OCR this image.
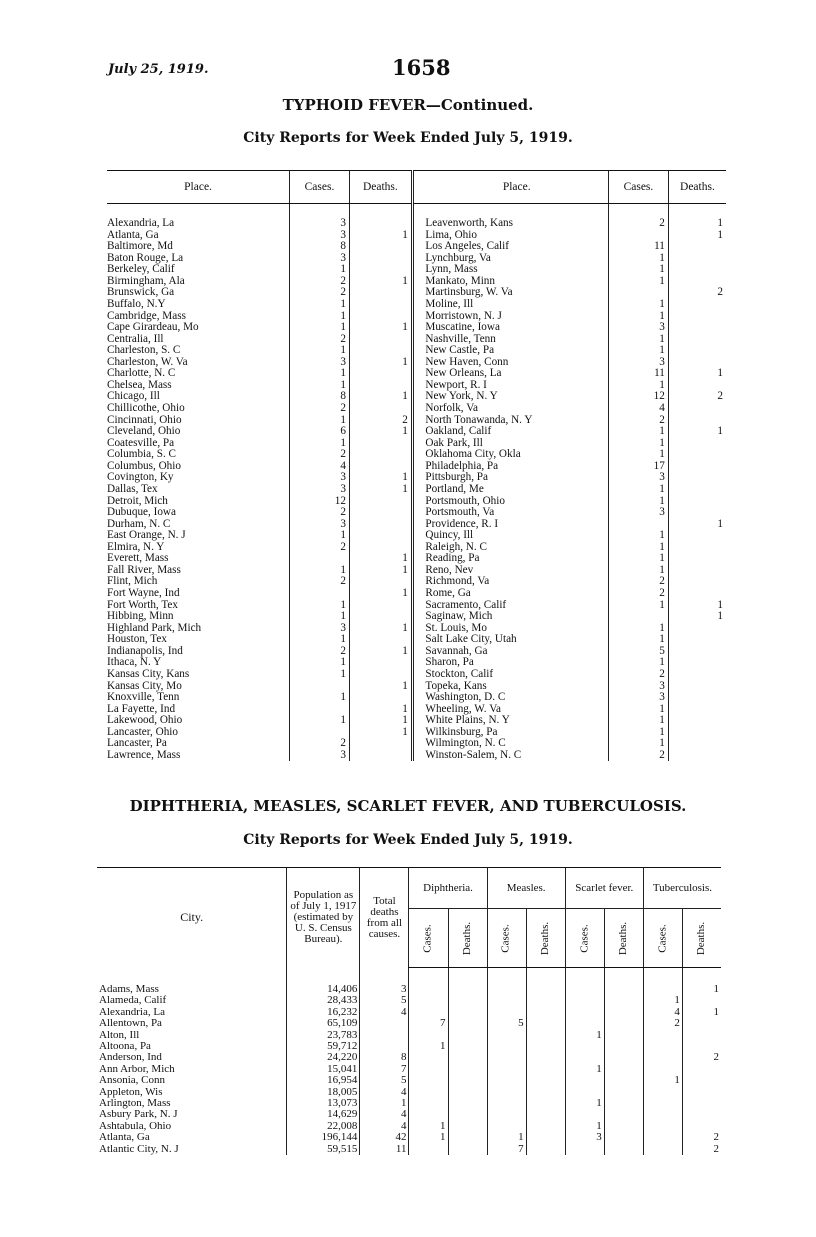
July 25, 1919.	1658
TYPHOID FEVER—Continued.
City Reports for Week Ended July 5, 1919.
Place.	Cases.	Deaths.		Place.	Cases.	Deaths.

Alexandria, La	3			Leavenworth, Kans	2	1
Atlanta, Ga	3	1		Lima, Ohio		1
Baltimore, Md	8			Los Angeles, Calif	11	
Baton Rouge, La	3			Lynchburg, Va	1	
Berkeley, Calif	1			Lynn, Mass	1	
Birmingham, Ala	2	1		Mankato, Minn	1	
Brunswick, Ga	2			Martinsburg, W. Va		2
Buffalo, N.Y	1			Moline, Ill	1	
Cambridge, Mass	1			Morristown, N. J	1	
Cape Girardeau, Mo	1	1		Muscatine, Iowa	3	
Centralia, Ill	2			Nashville, Tenn	1	
Charleston, S. C	1			New Castle, Pa	1	
Charleston, W. Va	3	1		New Haven, Conn	3	
Charlotte, N. C	1			New Orleans, La	11	1
Chelsea, Mass	1			Newport, R. I	1	
Chicago, Ill	8	1		New York, N. Y	12	2
Chillicothe, Ohio	2			Norfolk, Va	4	
Cincinnati, Ohio	1	2		North Tonawanda, N. Y	2	
Cleveland, Ohio	6	1		Oakland, Calif	1	1
Coatesville, Pa	1			Oak Park, Ill	1	
Columbia, S. C	2			Oklahoma City, Okla	1	
Columbus, Ohio	4			Philadelphia, Pa	17	
Covington, Ky	3	1		Pittsburgh, Pa	3	
Dallas, Tex	3	1		Portland, Me	1	
Detroit, Mich	12			Portsmouth, Ohio	1	
Dubuque, Iowa	2			Portsmouth, Va	3	
Durham, N. C	3			Providence, R. I		1
East Orange, N. J	1			Quincy, Ill	1	
Elmira, N. Y	2			Raleigh, N. C	1	
Everett, Mass		1		Reading, Pa	1	
Fall River, Mass	1	1		Reno, Nev	1	
Flint, Mich	2			Richmond, Va	2	
Fort Wayne, Ind		1		Rome, Ga	2	
Fort Worth, Tex	1			Sacramento, Calif	1	1
Hibbing, Minn	1			Saginaw, Mich		1
Highland Park, Mich	3	1		St. Louis, Mo	1	
Houston, Tex	1			Salt Lake City, Utah	1	
Indianapolis, Ind	2	1		Savannah, Ga	5	
Ithaca, N. Y	1			Sharon, Pa	1	
Kansas City, Kans	1			Stockton, Calif	2	
Kansas City, Mo		1		Topeka, Kans	3	
Knoxville, Tenn	1			Washington, D. C	3	
La Fayette, Ind		1		Wheeling, W. Va	1	
Lakewood, Ohio	1	1		White Plains, N. Y	1	
Lancaster, Ohio		1		Wilkinsburg, Pa	1	
Lancaster, Pa	2			Wilmington, N. C	1	
Lawrence, Mass	3			Winston-Salem, N. C	2	
DIPHTHERIA, MEASLES, SCARLET FEVER, AND TUBERCULOSIS.
City Reports for Week Ended July 5, 1919.
City.	Population as of July 1, 1917 (estimated by U. S. Census Bureau).	Total deaths from all causes.	Diphtheria.		Measles.		Scarlet fever.		Tuberculosis.	
			Cases.	Deaths.	Cases.	Deaths.	Cases.	Deaths.	Cases.	Deaths.

Adams, Mass	14,406	3								1
Alameda, Calif	28,433	5							1	
Alexandria, La	16,232	4							4	1
Allentown, Pa	65,109		7		5				2	
Alton, Ill	23,783						1			
Altoona, Pa	59,712		1							
Anderson, Ind	24,220	8								2
Ann Arbor, Mich	15,041	7					1			
Ansonia, Conn	16,954	5							1	
Appleton, Wis	18,005	4								
Arlington, Mass	13,073	1					1			
Asbury Park, N. J	14,629	4								
Ashtabula, Ohio	22,008	4	1				1			
Atlanta, Ga	196,144	42	1		1		3			2
Atlantic City, N. J	59,515	11			7					2
